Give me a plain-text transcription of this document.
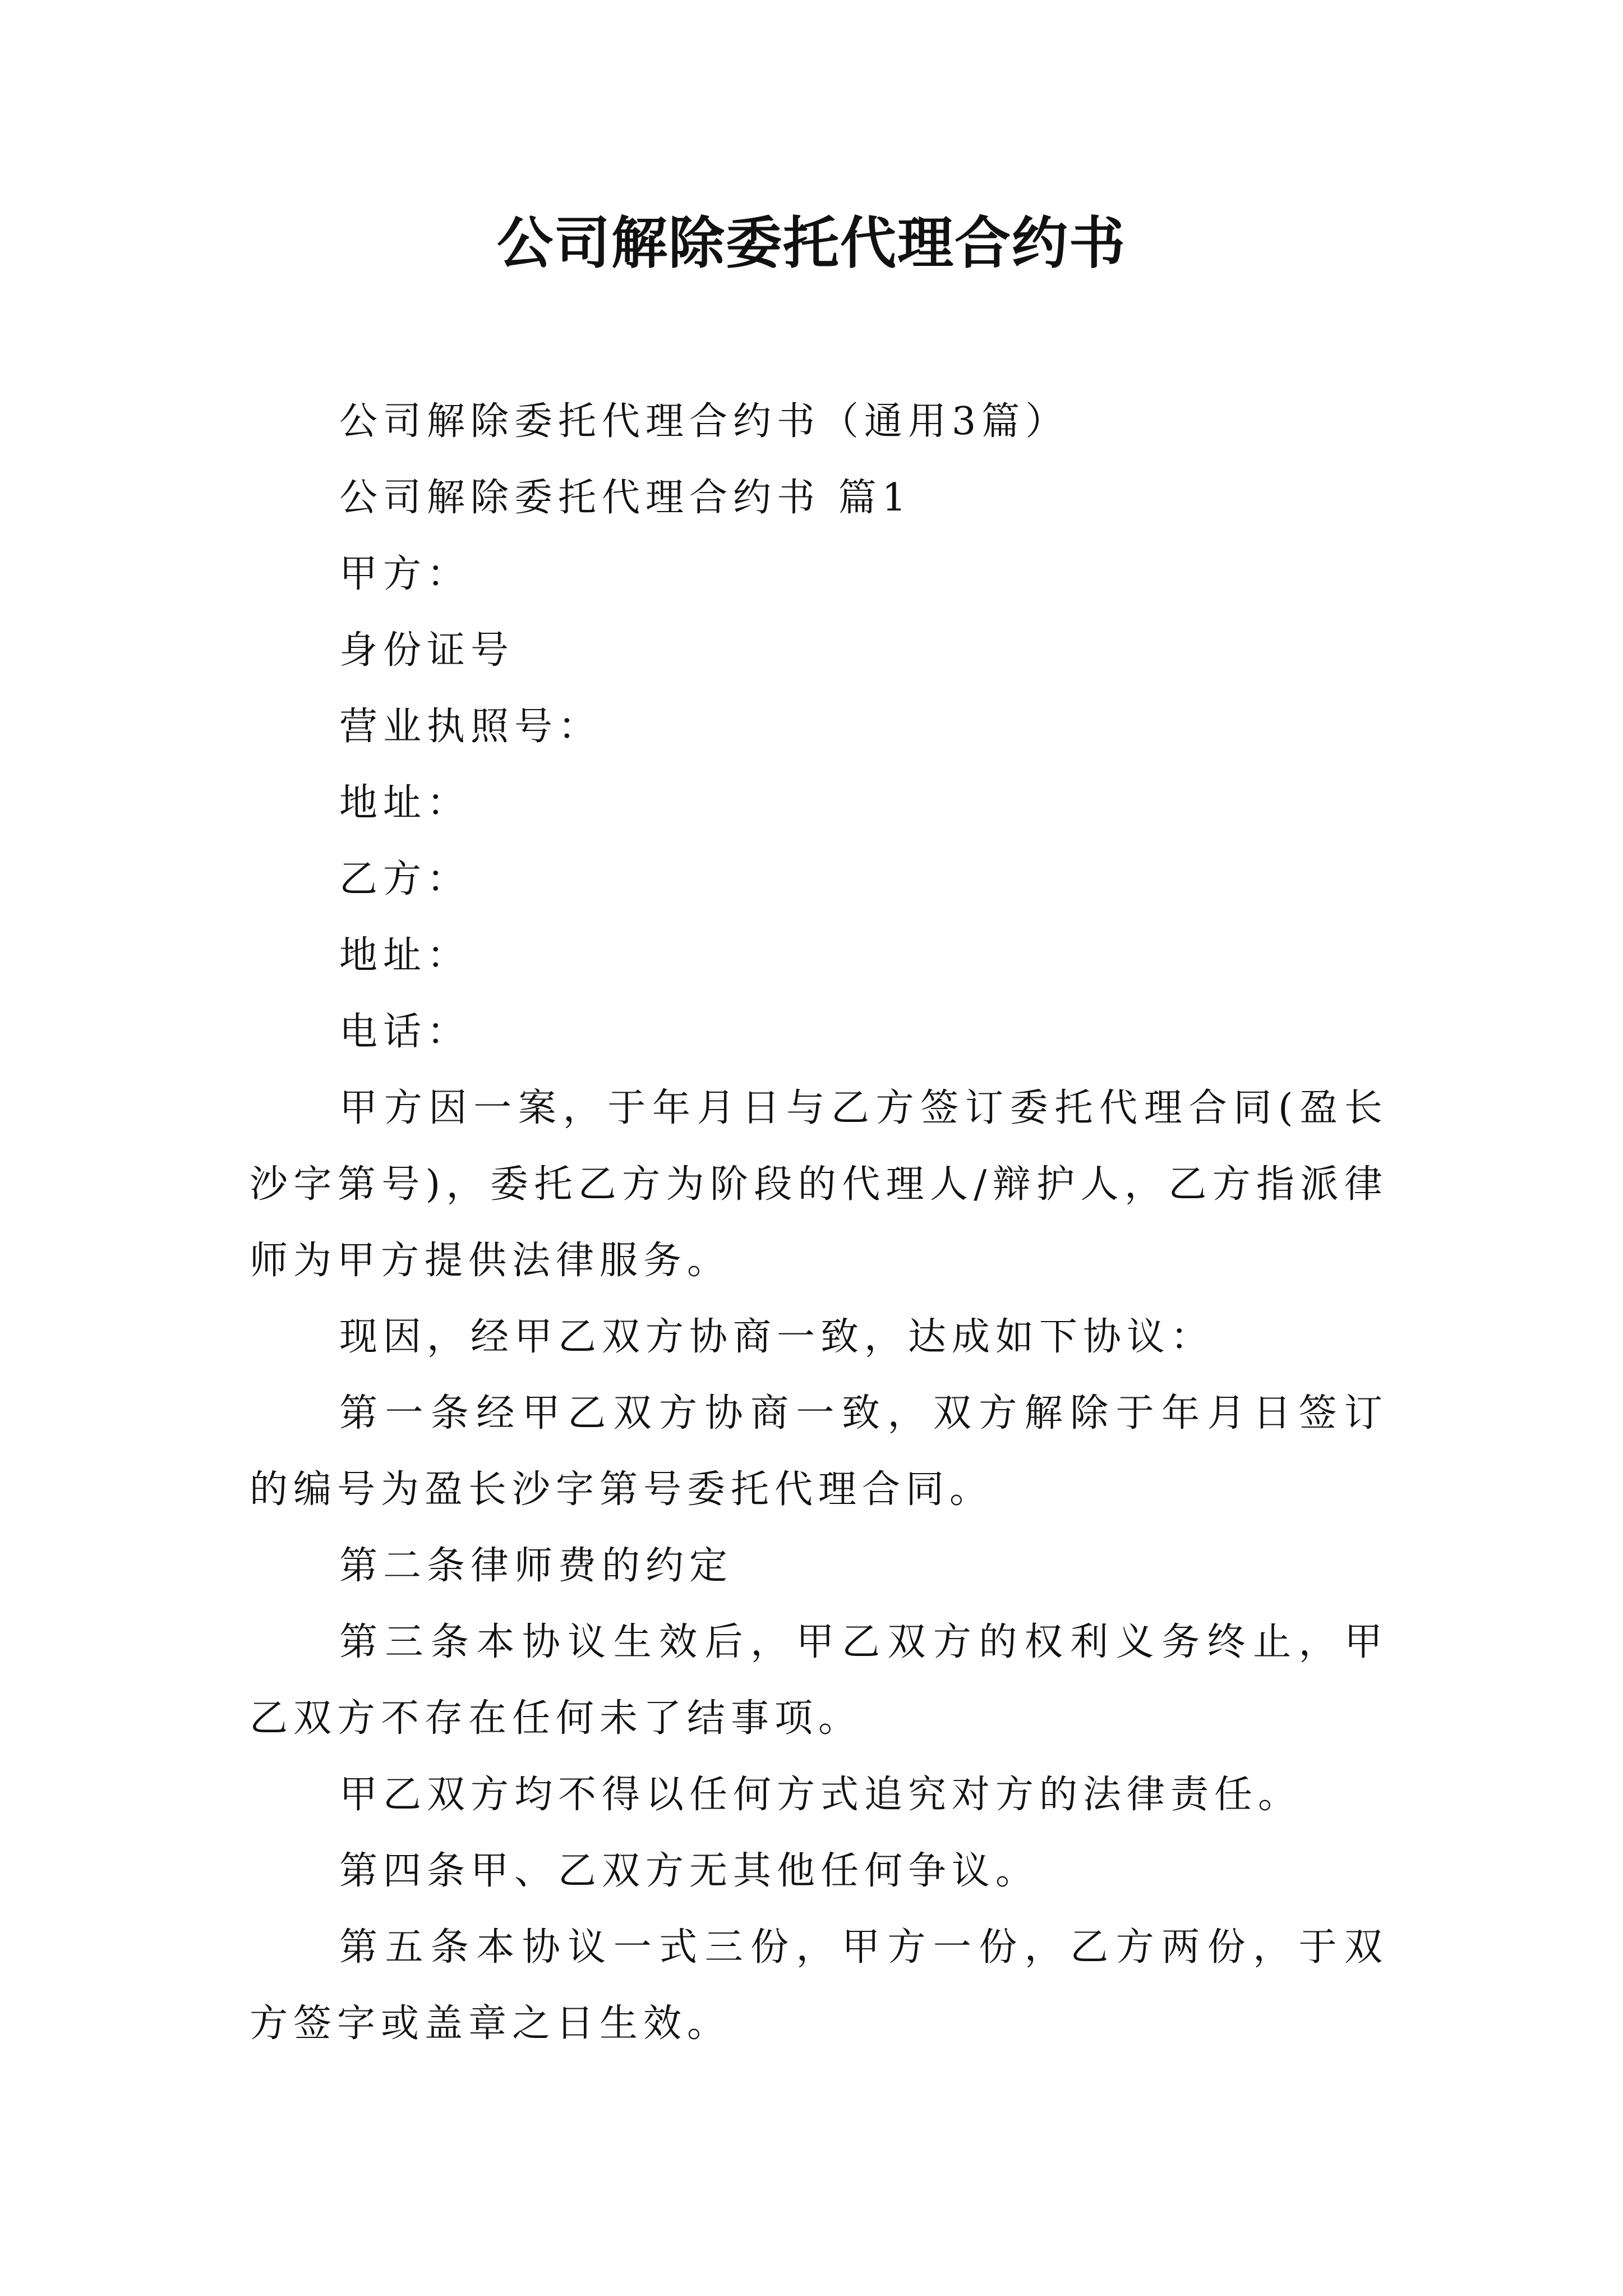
公司解除委托代理合约书

公司解除委托代理合约书（通用3篇）

公司解除委托代理合约书 篇1

甲方：

身份证号

营业执照号：

地址：

乙方：

地址：

电话：

甲方因一案，于年月日与乙方签订委托代理合同(盈长沙字第号)，委托乙方为阶段的代理人/辩护人，乙方指派律师为甲方提供法律服务。

现因，经甲乙双方协商一致，达成如下协议：

第一条经甲乙双方协商一致，双方解除于年月日签订的编号为盈长沙字第号委托代理合同。

第二条律师费的约定

第三条本协议生效后，甲乙双方的权利义务终止，甲乙双方不存在任何未了结事项。

甲乙双方均不得以任何方式追究对方的法律责任。

第四条甲、乙双方无其他任何争议。

第五条本协议一式三份，甲方一份，乙方两份，于双方签字或盖章之日生效。
